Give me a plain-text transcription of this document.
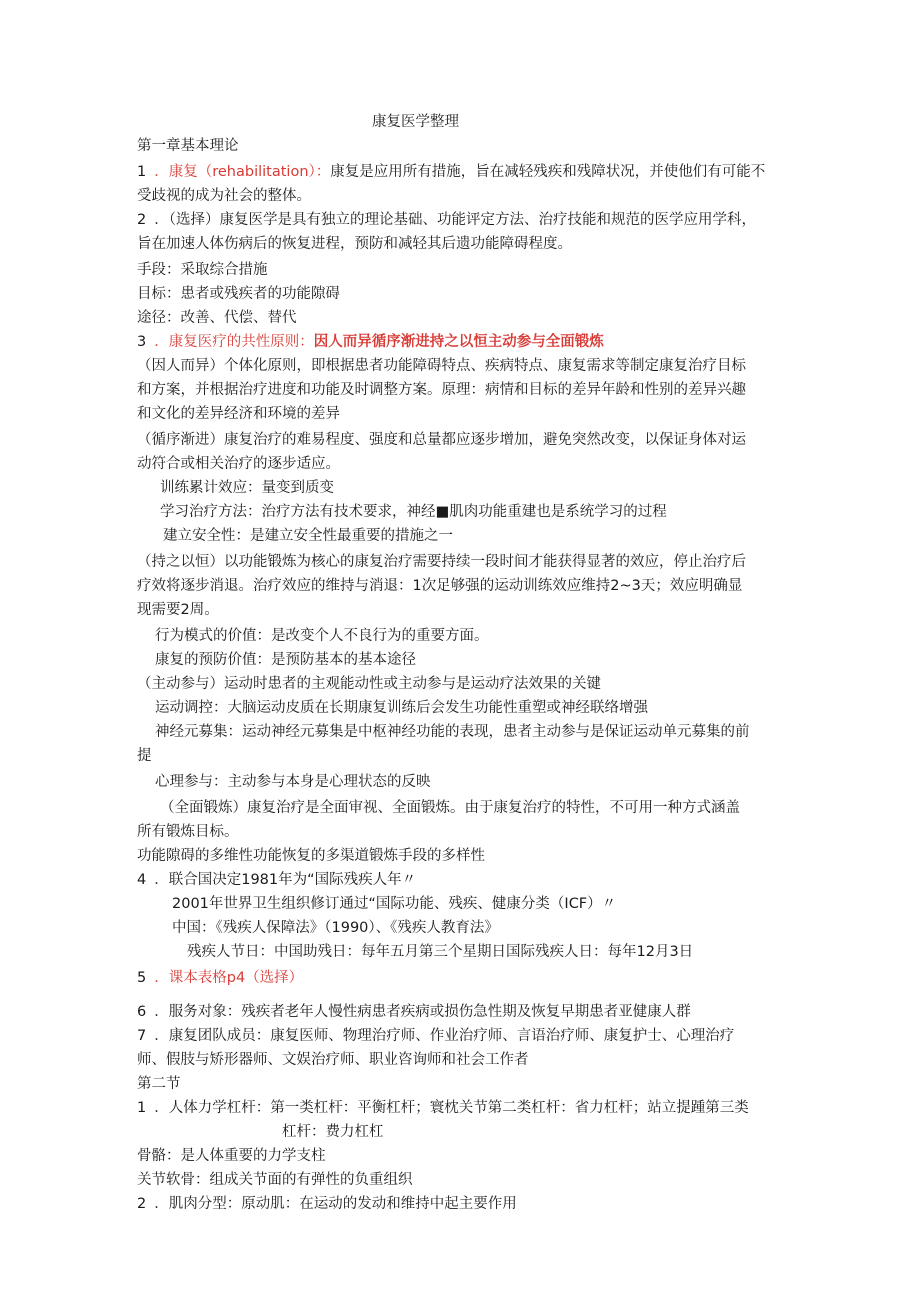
康复医学整理
第一章基本理论
1 ．康复（rehabilitation）：康复是应用所有措施，旨在减轻残疾和残障状况，并使他们有可能不
受歧视的成为社会的整体。
2 ．（选择）康复医学是具有独立的理论基础、功能评定方法、治疗技能和规范的医学应用学科，
旨在加速人体伤病后的恢复进程，预防和减轻其后遗功能障碍程度。
手段：采取综合措施
目标：患者或残疾者的功能隙碍
途径：改善、代偿、替代
3 ．康复医疗的共性原则：因人而异循序渐进持之以恒主动参与全面锻炼
（因人而异）个体化原则，即根据患者功能障碍特点、疾病特点、康复需求等制定康复治疗目标
和方案，并根据治疗进度和功能及时调整方案。原理：病情和目标的差异年龄和性别的差异兴趣
和文化的差异经济和环境的差异
（循序渐进）康复治疗的难易程度、强度和总量都应逐步增加，避免突然改变，以保证身体对运
动符合或相关治疗的逐步适应。
训练累计效应：量变到质变
学习治疗方法：治疗方法有技术要求，神经■肌肉功能重建也是系统学习的过程
建立安全性：是建立安全性最重要的措施之一
（持之以恒）以功能锻炼为核心的康复治疗需要持续一段时间才能获得显著的效应，停止治疗后
疗效将逐步消退。治疗效应的维持与消退：1次足够强的运动训练效应维持2~3天；效应明确显
现需要2周。
行为模式的价值：是改变个人不良行为的重要方面。
康复的预防价值：是预防基本的基本途径
（主动参与）运动时患者的主观能动性或主动参与是运动疗法效果的关键
运动调控：大脑运动皮质在长期康复训练后会发生功能性重塑或神经联络增强
神经元募集：运动神经元募集是中枢神经功能的表现，患者主动参与是保证运动单元募集的前
提
心理参与：主动参与本身是心理状态的反映
（全面锻炼）康复治疗是全面审视、全面锻炼。由于康复治疗的特性，不可用一种方式涵盖
所有锻炼目标。
功能隙碍的多维性功能恢复的多渠道锻炼手段的多样性
4 ．联合国决定1981年为“国际残疾人年〃
2001年世界卫生组织修订通过“国际功能、残疾、健康分类（ICF）〃
中国：《残疾人保障法》（1990）、《残疾人教育法》
残疾人节日：中国助残日：每年五月第三个星期日国际残疾人日：每年12月3日
5 ．课本表格p4（选择）
6 ．服务对象：残疾者老年人慢性病患者疾病或损伤急性期及恢复早期患者亚健康人群
7 ．康复团队成员：康复医师、物理治疗师、作业治疗师、言语治疗师、康复护士、心理治疗
师、假肢与矫形器师、文娱治疗师、职业咨询师和社会工作者
第二节
1 ．人体力学杠杆：第一类杠杆：平衡杠杆；寰枕关节第二类杠杆：省力杠杆；站立提踵第三类
杠杆：费力杠杠
骨骼：是人体重要的力学支柱
关节软骨：组成关节面的有弹性的负重组织
2 ．肌肉分型：原动肌：在运动的发动和维持中起主要作用
